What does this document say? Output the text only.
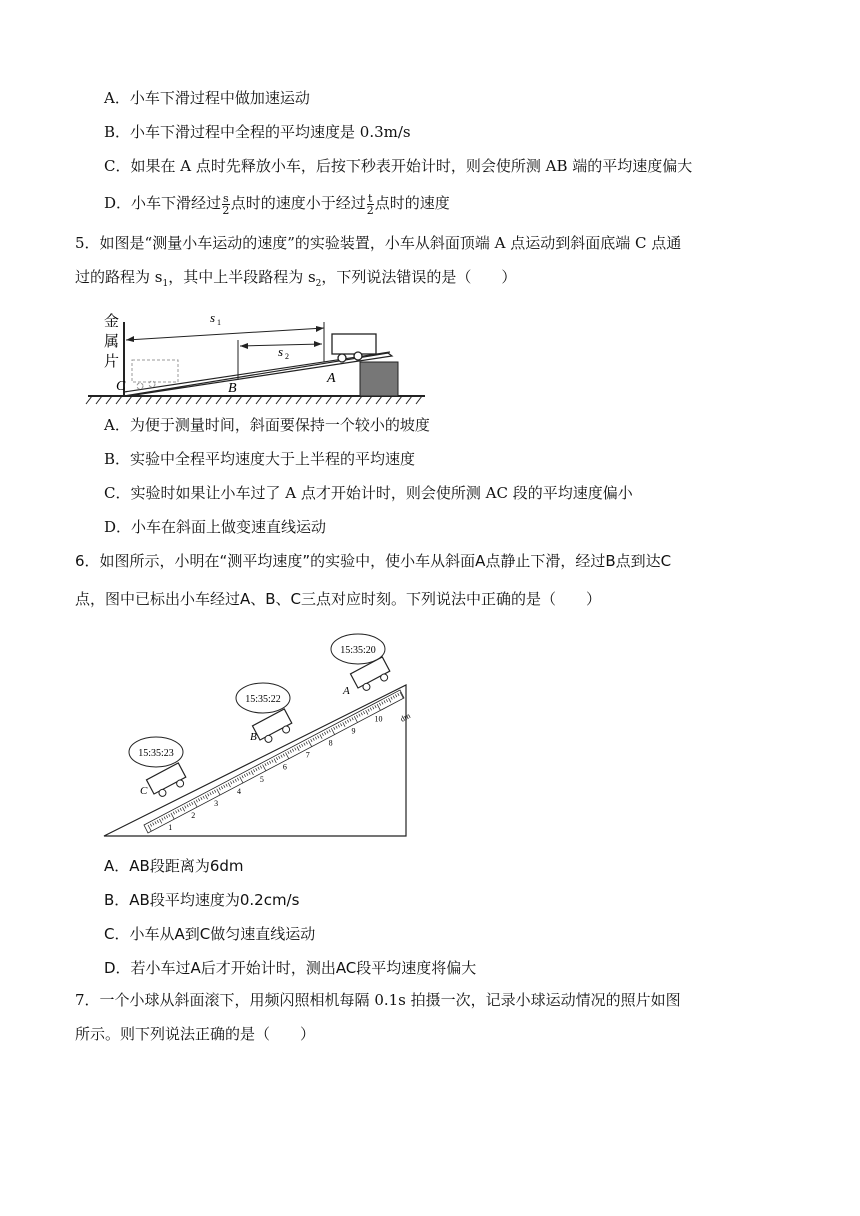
A．小车下滑过程中做加速运动
B．小车下滑过程中全程的平均速度是 0.3m/s
C．如果在 A 点时先释放小车，后按下秒表开始计时，则会使所测 AB 端的平均速度偏大
D．小车下滑经过 $\frac{s}{2}$ 点时的速度小于经过 $\frac{t}{2}$ 点时的速度
5．如图是“测量小车运动的速度”的实验装置，小车从斜面顶端 A 点运动到斜面底端 C 点通
过的路程为 $s_1$，其中上半段路程为 $s_2$，下列说法错误的是（　　）
s 1
s 2
金
属
片
C	B
A
A．为便于测量时间，斜面要保持一个较小的坡度
B．实验中全程平均速度大于上半程的平均速度
C．实验时如果让小车过了 A 点才开始计时，则会使所测 AC 段的平均速度偏小
D．小车在斜面上做变速直线运动
6．如图所示，小明在“测平均速度”的实验中，使小车从斜面A点静止下滑，经过B点到达C
点，图中已标出小车经过A、B、C三点对应时刻。下列说法中正确的是（　　）
1
2
3
4
5
6
7
8
9
10 dm
A
B
C
15:35:20
15:35:22
15:35:23
A．AB段距离为6dm
B．AB段平均速度为0.2cm/s
C．小车从A到C做匀速直线运动
D．若小车过A后才开始计时，测出AC段平均速度将偏大
7．一个小球从斜面滚下，用频闪照相机每隔 0.1s 拍摄一次，记录小球运动情况的照片如图
所示。则下列说法正确的是（　　）
